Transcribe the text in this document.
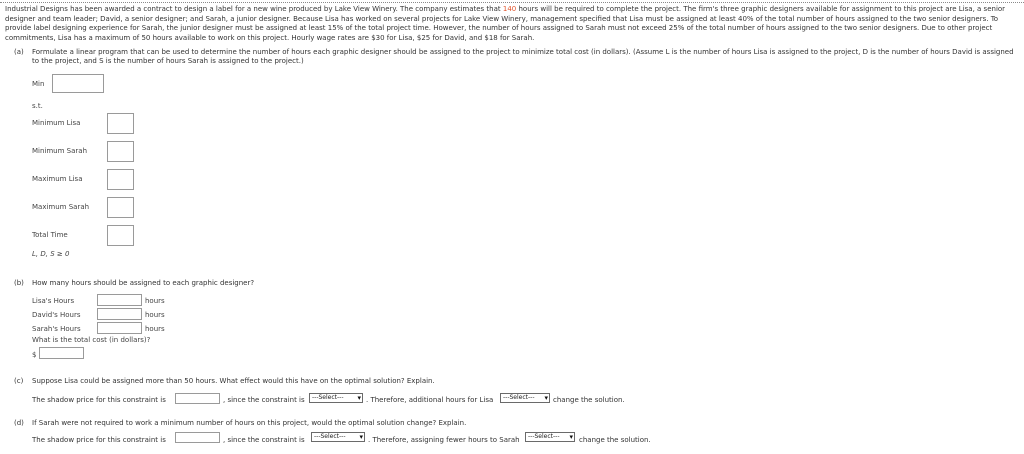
Industrial Designs has been awarded a contract to design a label for a new wine produced by Lake View Winery. The company estimates that 140 hours will be required to complete the project. The firm's three graphic designers available for assignment to this project are Lisa, a senior designer and team leader; David, a senior designer; and Sarah, a junior designer. Because Lisa has worked on several projects for Lake View Winery, management specified that Lisa must be assigned at least 40% of the total number of hours assigned to the two senior designers. To provide label designing experience for Sarah, the junior designer must be assigned at least 15% of the total project time. However, the number of hours assigned to Sarah must not exceed 25% of the total number of hours assigned to the two senior designers. Due to other project commitments, Lisa has a maximum of 50 hours available to work on this project. Hourly wage rates are $30 for Lisa, $25 for David, and $18 for Sarah.
(a) Formulate a linear program that can be used to determine the number of hours each graphic designer should be assigned to the project to minimize total cost (in dollars). (Assume L is the number of hours Lisa is assigned to the project, D is the number of hours David is assigned to the project, and S is the number of hours Sarah is assigned to the project.)
Min
s.t.
Minimum Lisa
Minimum Sarah
Maximum Lisa
Maximum Sarah
Total Time
L, D, S ≥ 0
(b) How many hours should be assigned to each graphic designer?
Lisa's Hours	hours
David's Hours	hours
Sarah's Hours	hours
What is the total cost (in dollars)?
$
(c) Suppose Lisa could be assigned more than 50 hours. What effect would this have on the optimal solution? Explain.
The shadow price for this constraint is	, since the constraint is	---Select--- ▾ . Therefore, additional hours for Lisa	---Select--- ▾ change the solution.
(d) If Sarah were not required to work a minimum number of hours on this project, would the optimal solution change? Explain.
The shadow price for this constraint is	, since the constraint is	---Select--- ▾ . Therefore, assigning fewer hours to Sarah	---Select--- ▾ change the solution.
